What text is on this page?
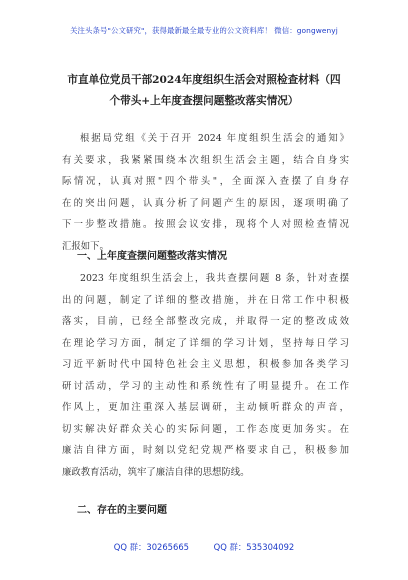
关注头条号"公文研究"，获得最新最全最专业的公文资料库！ 微信：gongwenyj
市直单位党员干部2024年度组织生活会对照检查材料（四
个带头+上年度查摆问题整改落实情况）
根据局党组《关于召开 2024 年度组织生活会的通知》
有关要求，我紧紧围绕本次组织生活会主题，结合自身实
际情况，认真对照"四个带头"，全面深入查摆了自身存
在的突出问题，认真分析了问题产生的原因，逐项明确了
下一步整改措施。按照会议安排，现将个人对照检查情况
汇报如下。
一、上年度查摆问题整改落实情况
2023 年度组织生活会上，我共查摆问题 8 条，针对查摆
出的问题，制定了详细的整改措施，并在日常工作中积极
落实，目前，已经全部整改完成，并取得一定的整改成效
在理论学习方面，制定了详细的学习计划，坚持每日学习
习近平新时代中国特色社会主义思想，积极参加各类学习
研讨活动，学习的主动性和系统性有了明显提升。在工作
作风上，更加注重深入基层调研，主动倾听群众的声音，
切实解决好群众关心的实际问题，工作态度更加务实。在
廉洁自律方面，时刻以党纪党规严格要求自己，积极参加
廉政教育活动，筑牢了廉洁自律的思想防线。
二、存在的主要问题
QQ 群：30265665	QQ 群：535304092
